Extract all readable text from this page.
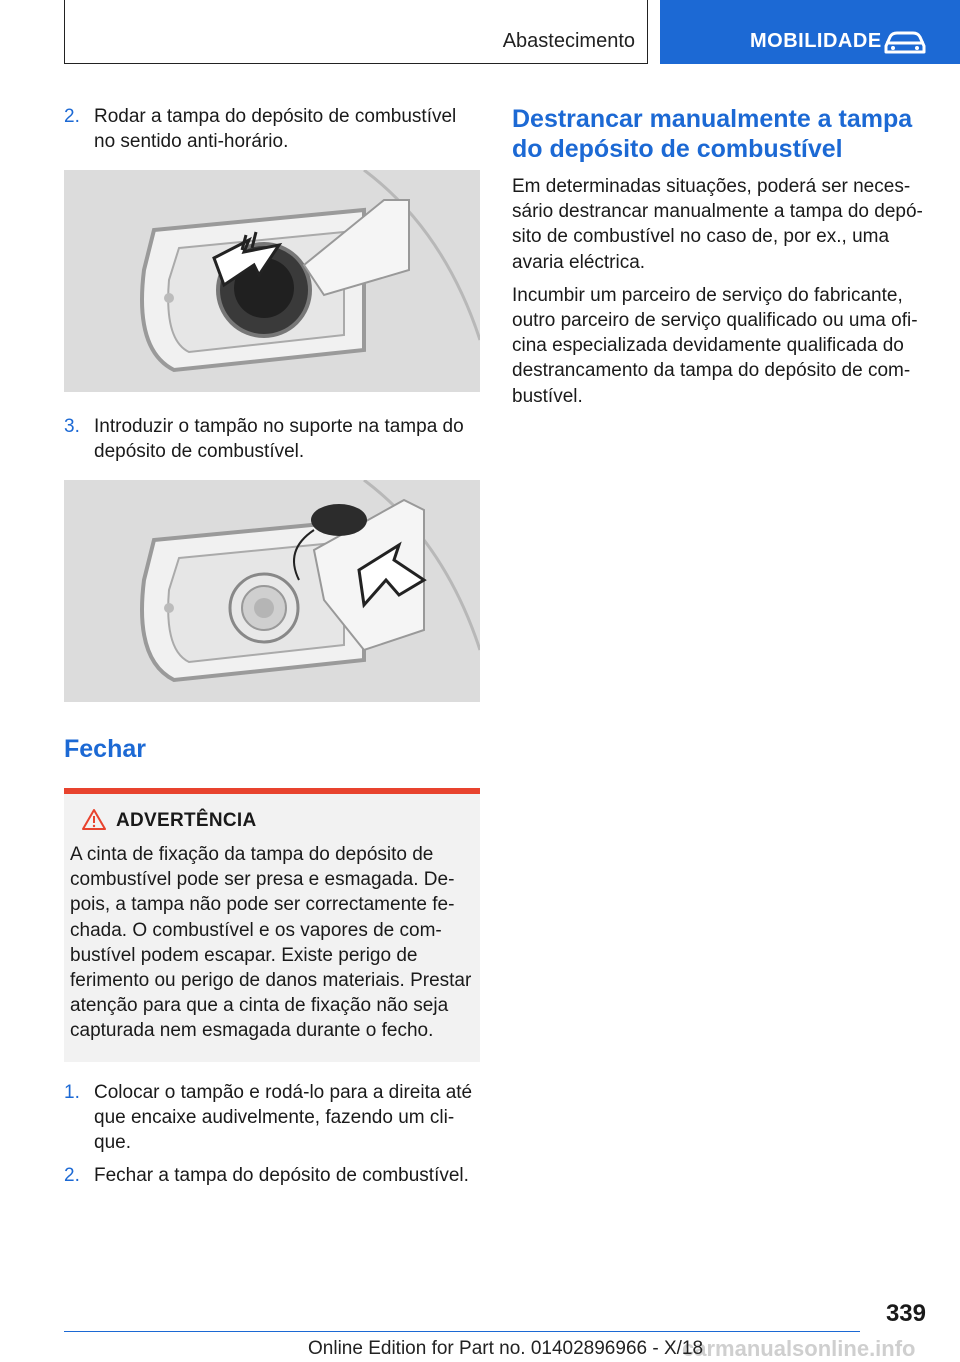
Abastecimento	MOBILIDADE

2. Rodar a tampa do depósito de combustível no sentido anti-horário.

3. Introduzir o tampão no suporte na tampa do depósito de combustível.

Fechar
ADVERTÊNCIA

A cinta de fixação da tampa do depósito de combustível pode ser presa e esmagada. Depois, a tampa não pode ser correctamente fechada. O combustível e os vapores de combustível podem escapar. Existe perigo de ferimento ou perigo de danos materiais. Prestar atenção para que a cinta de fixação não seja capturada nem esmagada durante o fecho.

1. Colocar o tampão e rodá-lo para a direita até que encaixe audivelmente, fazendo um clique.

2. Fechar a tampa do depósito de combustível.

Destrancar manualmente a tampa do depósito de combustível

Em determinadas situações, poderá ser necessário destrancar manualmente a tampa do depósito de combustível no caso de, por ex., uma avaria eléctrica.

Incumbir um parceiro de serviço do fabricante, outro parceiro de serviço qualificado ou uma oficina especializada devidamente qualificada do destrancamento da tampa do depósito de combustível.

339
carmanualsonline.info
Online Edition for Part no. 01402896966 - X/18
